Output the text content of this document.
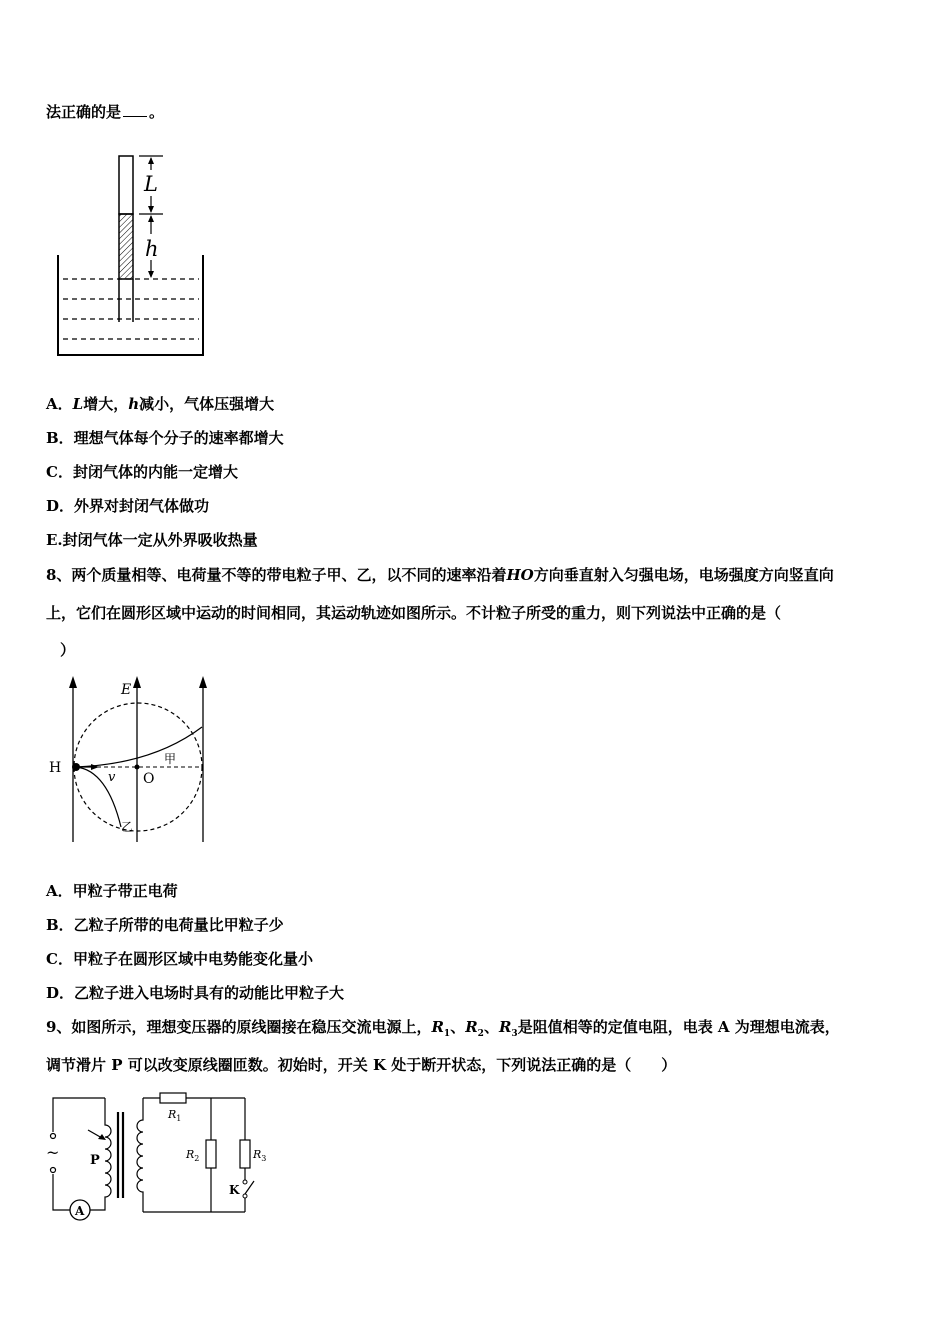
法正确的是 。
L
h
A．L增大，h减小，气体压强增大
B．理想气体每个分子的速率都增大
C．封闭气体的内能一定增大
D．外界对封闭气体做功
E.封闭气体一定从外界吸收热量
8、两个质量相等、电荷量不等的带电粒子甲、乙，以不同的速率沿着HO方向垂直射入匀强电场，电场强度方向竖直向
上，它们在圆形区域中运动的时间相同，其运动轨迹如图所示。不计粒子所受的重力，则下列说法中正确的是（
）
E
H
v O
甲
乙
A．甲粒子带正电荷
B．乙粒子所带的电荷量比甲粒子少
C．甲粒子在圆形区域中电势能变化量小
D．乙粒子进入电场时具有的动能比甲粒子大
9、如图所示，理想变压器的原线圈接在稳压交流电源上，$R_1$、$R_2$、$R_3$是阻值相等的定值电阻，电表 A 为理想电流表，
调节滑片 P 可以改变原线圈匝数。初始时，开关 K 处于断开状态，下列说法正确的是（　　）
~
A
P
$R_1$
$R_2$	$R_3$
K
